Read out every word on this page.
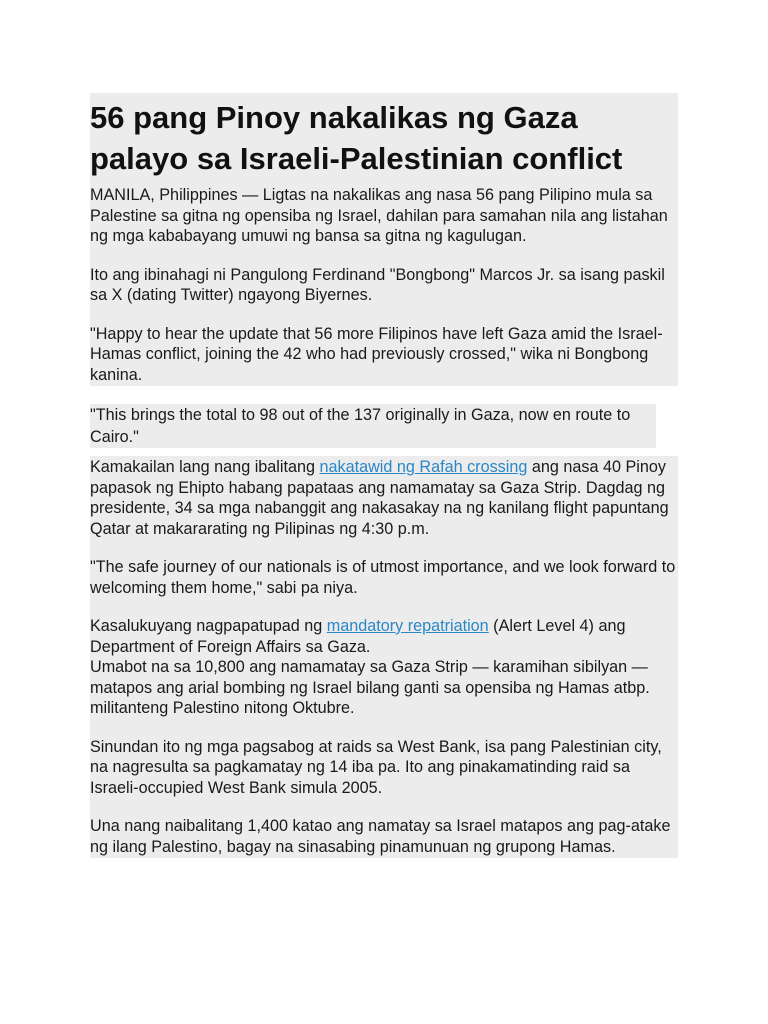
56 pang Pinoy nakalikas ng Gaza palayo sa Israeli-Palestinian conflict

MANILA, Philippines — Ligtas na nakalikas ang nasa 56 pang Pilipino mula sa Palestine sa gitna ng opensiba ng Israel, dahilan para samahan nila ang listahan ng mga kababayang umuwi ng bansa sa gitna ng kagulugan.

Ito ang ibinahagi ni Pangulong Ferdinand "Bongbong" Marcos Jr. sa isang paskil sa X (dating Twitter) ngayong Biyernes.

"Happy to hear the update that 56 more Filipinos have left Gaza amid the Israel-Hamas conflict, joining the 42 who had previously crossed," wika ni Bongbong kanina.

"This brings the total to 98 out of the 137 originally in Gaza, now en route to Cairo."

Kamakailan lang nang ibalitang nakatawid ng Rafah crossing ang nasa 40 Pinoy papasok ng Ehipto habang papataas ang namamatay sa Gaza Strip. Dagdag ng presidente, 34 sa mga nabanggit ang nakasakay na ng kanilang flight papuntang Qatar at makararating ng Pilipinas ng 4:30 p.m.

"The safe journey of our nationals is of utmost importance, and we look forward to welcoming them home," sabi pa niya.

Kasalukuyang nagpapatupad ng mandatory repatriation (Alert Level 4) ang Department of Foreign Affairs sa Gaza.

Umabot na sa 10,800 ang namamatay sa Gaza Strip — karamihan sibilyan — matapos ang arial bombing ng Israel bilang ganti sa opensiba ng Hamas atbp. militanteng Palestino nitong Oktubre.

Sinundan ito ng mga pagsabog at raids sa West Bank, isa pang Palestinian city, na nagresulta sa pagkamatay ng 14 iba pa. Ito ang pinakamatinding raid sa Israeli-occupied West Bank simula 2005.

Una nang naibalitang 1,400 katao ang namatay sa Israel matapos ang pag-atake ng ilang Palestino, bagay na sinasabing pinamunuan ng grupong Hamas.
